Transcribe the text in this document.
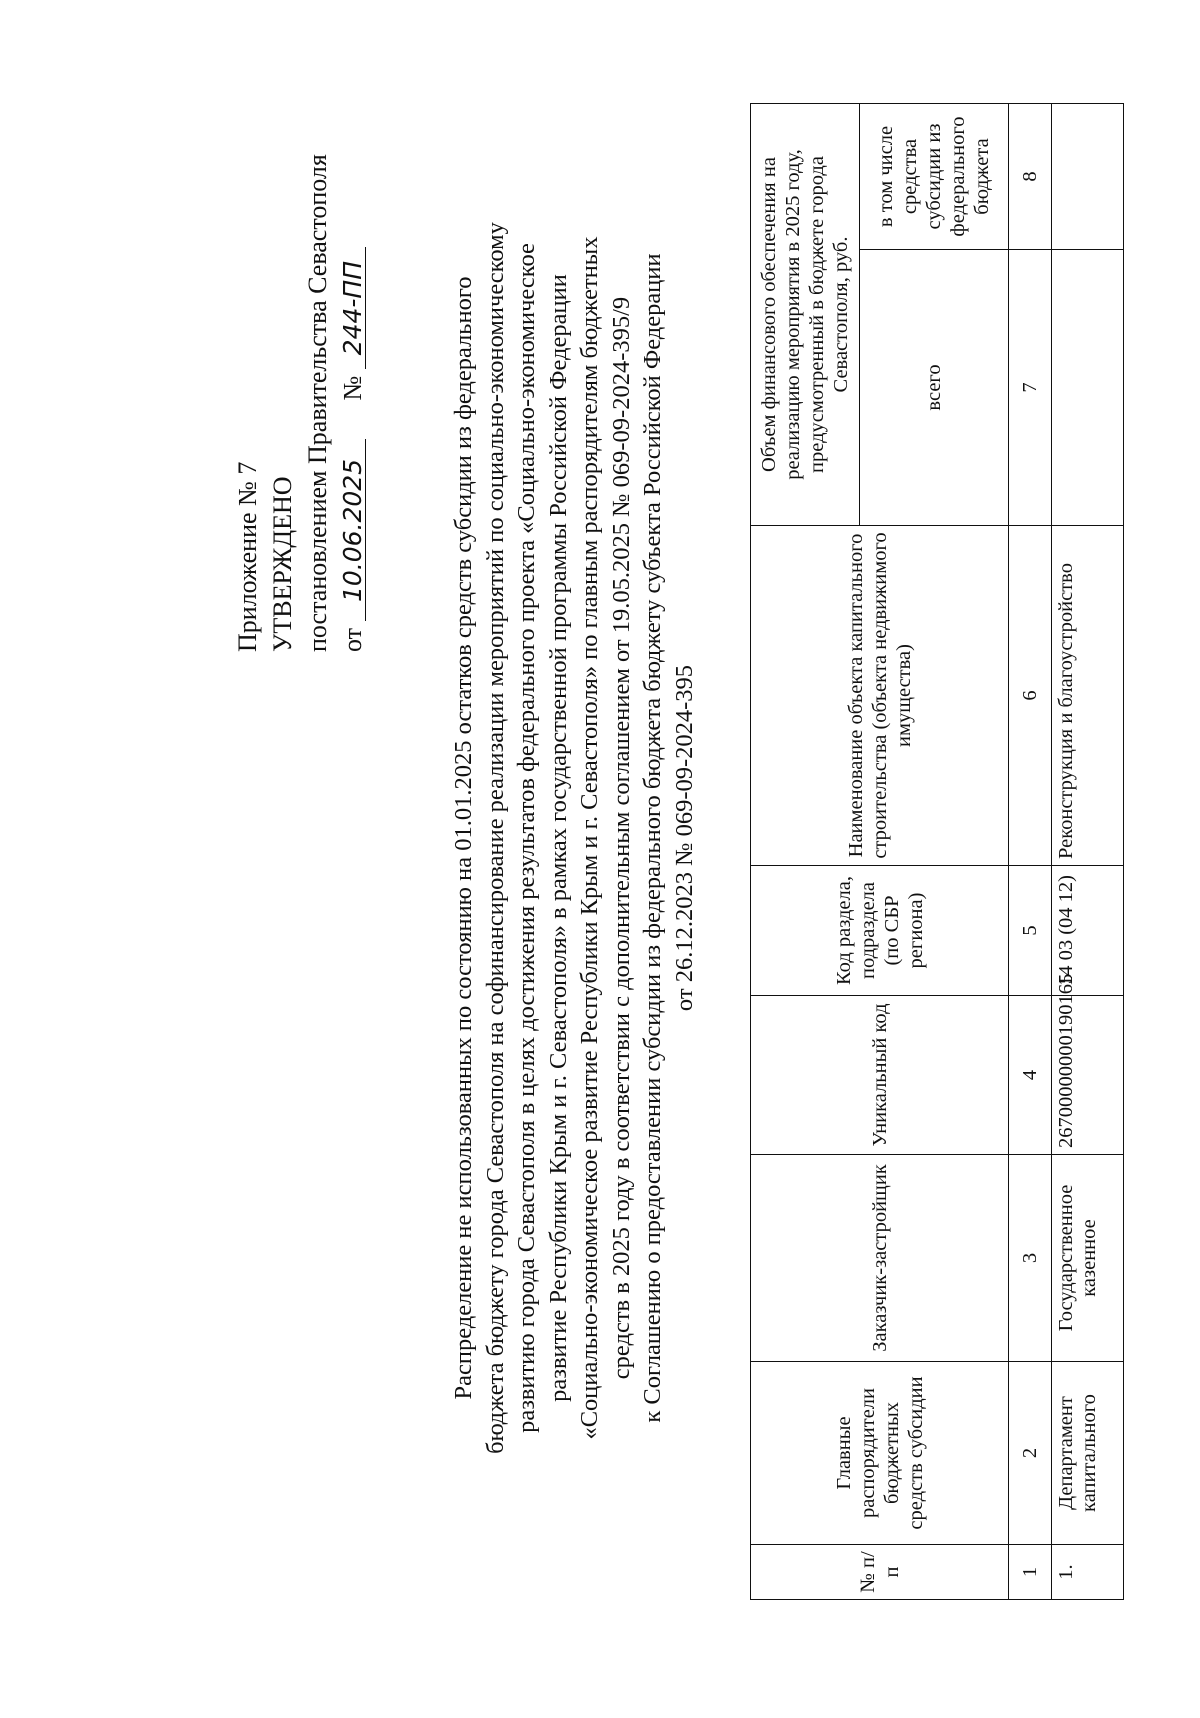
Приложение № 7 УТВЕРЖДЕНО постановлением Правительства Севастополя от 10.06.2025      № 244-ПП	Распределение не использованных по состоянию на 01.01.2025 остатков средств субсидии из федерального бюджета бюджету города Севастополя на софинансирование реализации мероприятий по социально-экономическому развитию города Севастополя в целях достижения результатов федерального проекта «Социально-экономическое развитие Республики Крым и г. Севастополя» в рамках государственной программы Российской Федерации «Социально-экономическое развитие Республики Крым и г. Севастополя» по главным распорядителям бюджетных средств в 2025 году в соответствии с дополнительным соглашением от 19.05.2025 № 069-09-2024-395/9 к Соглашению о предоставлении субсидии из федерального бюджета бюджету субъекта Российской Федерации от 26.12.2023 № 069-09-2024-395
№ п/п	Главные распорядители бюджетных средств субсидии	Заказчик-застройщик	Уникальный код	Код раздела, подраздела (по СБР региона)	Наименование объекта капитального строительства (объекта недвижимого имущества)	Объем финансового обеспечения на реализацию мероприятия в 2025 году, предусмотренный в бюджете города Севастополя, руб.	
						всего	в том числе средства субсидии из федерального бюджета
1	2	3	4	5	6	7	8
1.	Департамент капитального	Государственное казенное	26700000000190165	14 03 (04 12)	Реконструкция и благоустройство		
